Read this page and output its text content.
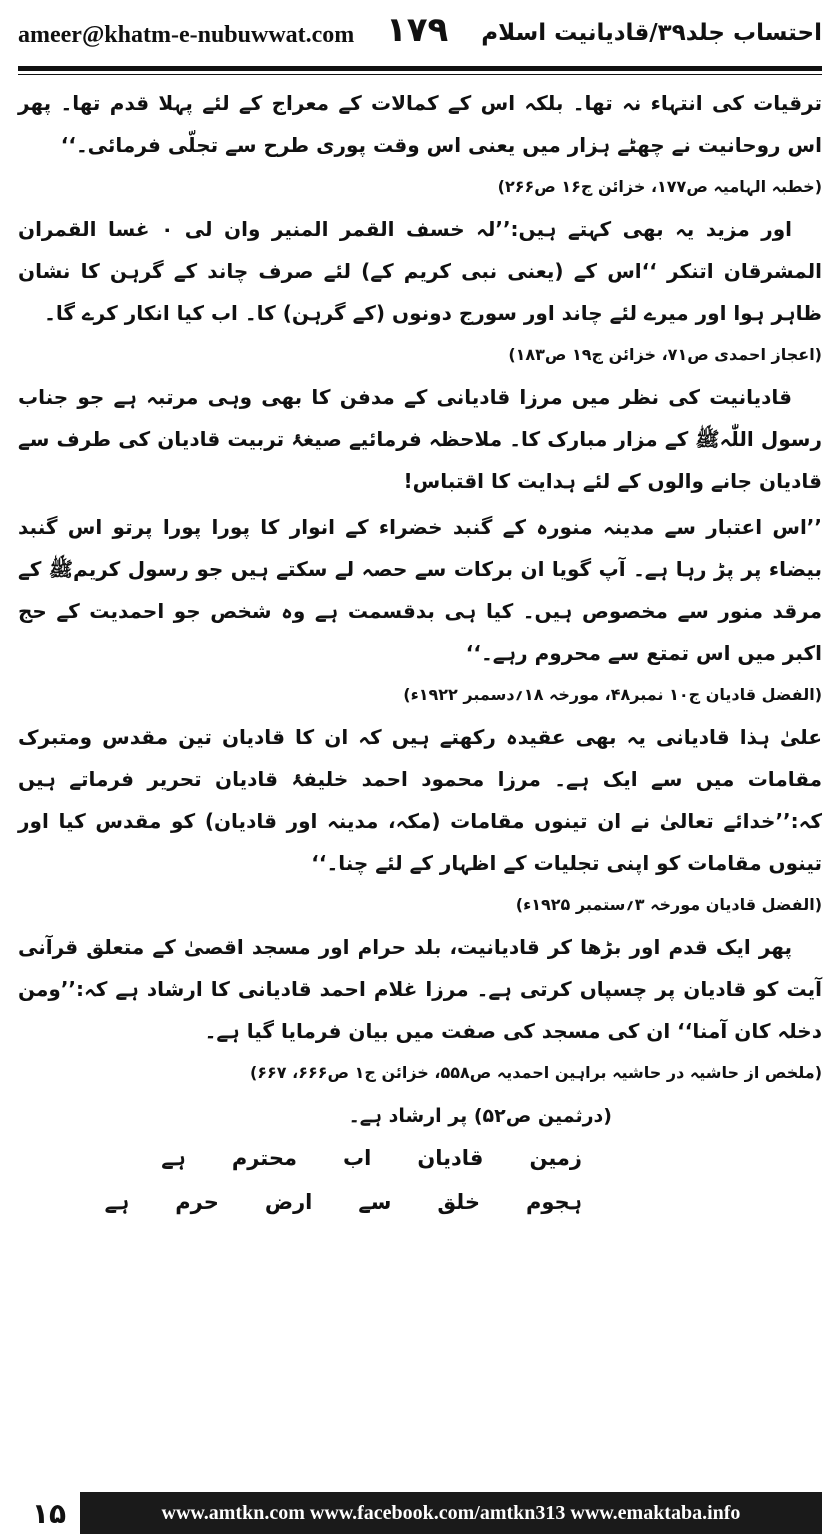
ameer@khatm-e-nubuwwat.com ۱۷۹ احتساب جلد۳۹/قادیانیت اسلام

ترقیات کی انتہاء نہ تھا۔ بلکہ اس کے کمالات کے معراج کے لئے پہلا قدم تھا۔ پھر اس روحانیت نے چھٹے ہزار میں یعنی اس وقت پوری طرح سے تجلّی فرمائی۔‘‘

(خطبہ الہامیہ ص۱۷۷، خزائن ج۱۶ ص۲۶۶)

اور مزید یہ بھی کہتے ہیں:’’لہ خسف القمر المنیر وان لی ۰ غسا القمران المشرقان اتنکر ‘‘اس کے (یعنی نبی کریم کے) لئے صرف چاند کے گرہن کا نشان ظاہر ہوا اور میرے لئے چاند اور سورج دونوں (کے گرہن) کا۔ اب کیا انکار کرے گا۔

(اعجاز احمدی ص۷۱، خزائن ج۱۹ ص۱۸۳)

قادیانیت کی نظر میں مرزا قادیانی کے مدفن کا بھی وہی مرتبہ ہے جو جناب رسول اللّٰہﷺ کے مزار مبارک کا۔ ملاحظہ فرمائیے صیغۂ تربیت قادیان کی طرف سے قادیان جانے والوں کے لئے ہدایت کا اقتباس!

’’اس اعتبار سے مدینہ منورہ کے گنبد خضراء کے انوار کا پورا پورا پرتو اس گنبد بیضاء پر پڑ رہا ہے۔ آپ گویا ان برکات سے حصہ لے سکتے ہیں جو رسول کریمﷺ کے مرقد منور سے مخصوص ہیں۔ کیا ہی بدقسمت ہے وہ شخص جو احمدیت کے حج اکبر میں اس تمتع سے محروم رہے۔‘‘

(الفضل قادیان ج۱۰ نمبر۴۸، مورخہ ۱۸؍دسمبر ۱۹۲۲ء)

علیٰ ہذا قادیانی یہ بھی عقیدہ رکھتے ہیں کہ ان کا قادیان تین مقدس ومتبرک مقامات میں سے ایک ہے۔ مرزا محمود احمد خلیفۂ قادیان تحریر فرماتے ہیں کہ:’’خدائے تعالیٰ نے ان تینوں مقامات (مکہ، مدینہ اور قادیان) کو مقدس کیا اور تینوں مقامات کو اپنی تجلیات کے اظہار کے لئے چنا۔‘‘

(الفضل قادیان مورخہ ۳؍ستمبر ۱۹۲۵ء)

پھر ایک قدم اور بڑھا کر قادیانیت، بلد حرام اور مسجد اقصیٰ کے متعلق قرآنی آیت کو قادیان پر چسپاں کرتی ہے۔ مرزا غلام احمد قادیانی کا ارشاد ہے کہ:’’ومن دخلہ کان آمنا‘‘ ان کی مسجد کی صفت میں بیان فرمایا گیا ہے۔

(ملخص از حاشیہ در حاشیہ براہین احمدیہ ص۵۵۸، خزائن ج۱ ص۶۶۶، ۶۶۷)

(درثمین ص۵۲) پر ارشاد ہے۔

زمین
قادیان
اب
محترم
ہے
ہجوم
خلق
سے
ارض
حرم
ہے
۱۵	www.amtkn.com www.facebook.com/amtkn313 www.emaktaba.info
